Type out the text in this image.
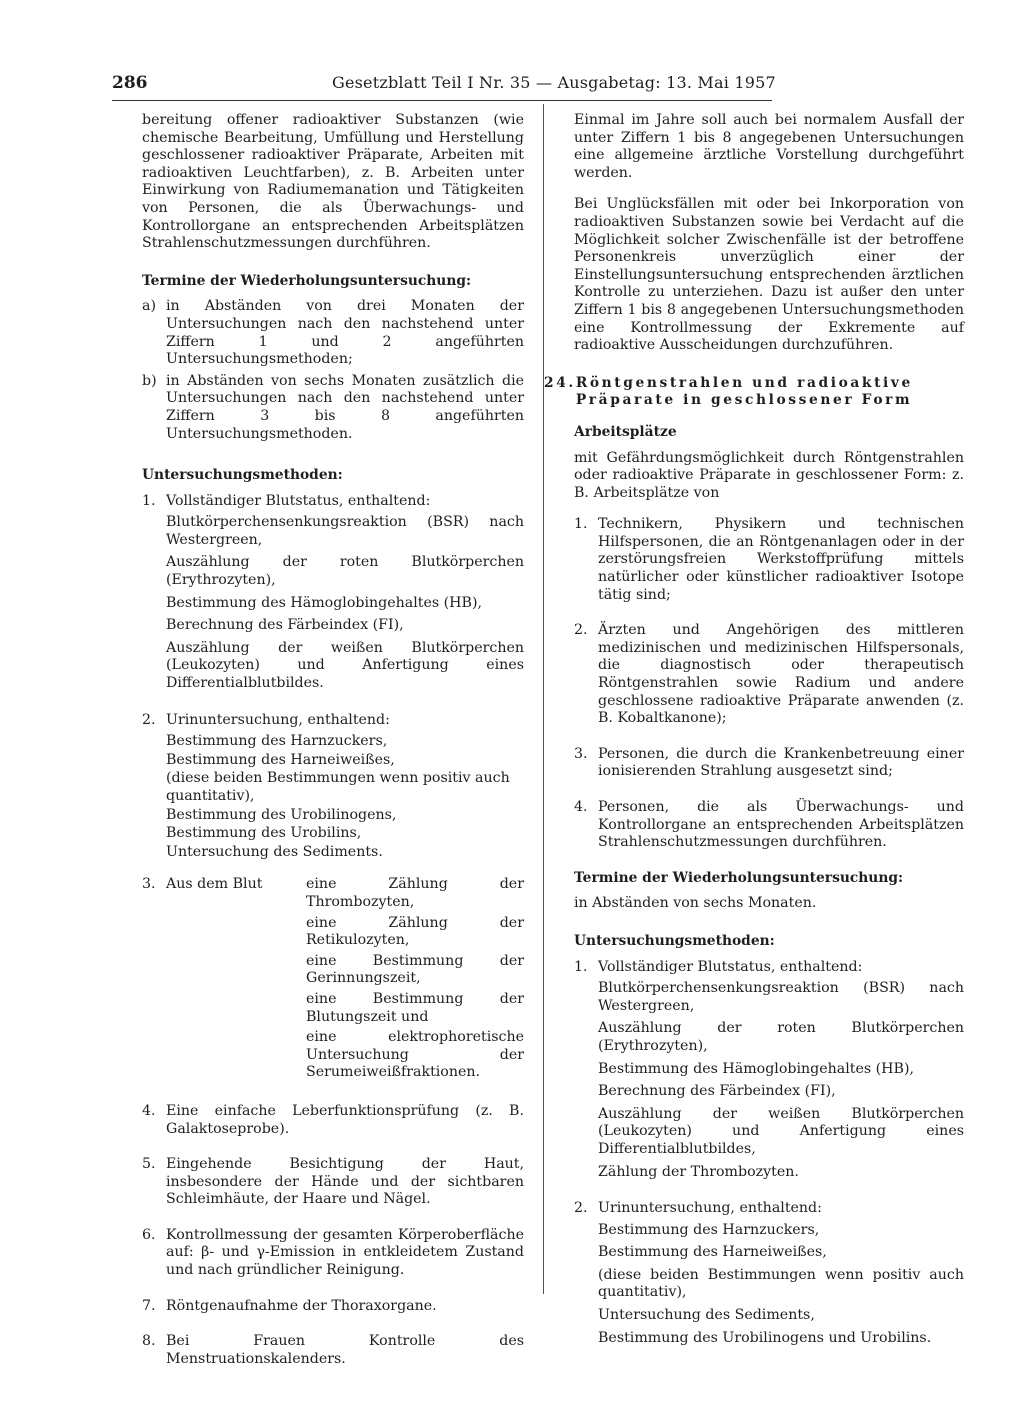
286	Gesetzblatt Teil I Nr. 35 — Ausgabetag: 13. Mai 1957

bereitung offener radioaktiver Substanzen (wie chemische Bearbeitung, Umfüllung und Herstellung geschlossener radioaktiver Präparate, Arbeiten mit radioaktiven Leuchtfarben), z. B. Arbeiten unter Einwirkung von Radiumemanation und Tätigkeiten von Personen, die als Überwachungs- und Kontrollorgane an entsprechenden Arbeitsplätzen Strahlenschutzmessungen durchführen.

Termine der Wiederholungsuntersuchung:

a) in Abständen von drei Monaten der Untersuchungen nach den nachstehend unter Ziffern 1 und 2 angeführten Untersuchungsmethoden;
b) in Abständen von sechs Monaten zusätzlich die Untersuchungen nach den nachstehend unter Ziffern 3 bis 8 angeführten Untersuchungsmethoden.

Untersuchungsmethoden:

1. Vollständiger Blutstatus, enthaltend:

Blutkörperchensenkungsreaktion (BSR) nach Westergreen,

Auszählung der roten Blutkörperchen (Erythrozyten),

Bestimmung des Hämoglobingehaltes (HB),

Berechnung des Färbeindex (FI),

Auszählung der weißen Blutkörperchen (Leukozyten) und Anfertigung eines Differentialblutbildes.

2. Urinuntersuchung, enthaltend:

Bestimmung des Harnzuckers,

Bestimmung des Harneiweißes,

(diese beiden Bestimmungen wenn positiv auch quantitativ),

Bestimmung des Urobilinogens,

Bestimmung des Urobilins,

Untersuchung des Sediments.

3. Aus dem Blut	eine Zählung der Thrombozyten,
eine Zählung der Retikulozyten,
eine Bestimmung der Gerinnungszeit,
eine Bestimmung der Blutungszeit und
eine elektrophoretische Untersuchung der Serumeiweißfraktionen.
4. Eine einfache Leberfunktionsprüfung (z. B. Galaktoseprobe).
5. Eingehende Besichtigung der Haut, insbesondere der Hände und der sichtbaren Schleimhäute, der Haare und Nägel.
6. Kontrollmessung der gesamten Körperoberfläche auf: β- und γ-Emission in entkleidetem Zustand und nach gründlicher Reinigung.
7. Röntgenaufnahme der Thoraxorgane.
8. Bei Frauen Kontrolle des Menstruationskalenders.

Einmal im Jahre soll auch bei normalem Ausfall der unter Ziffern 1 bis 8 angegebenen Untersuchungen eine allgemeine ärztliche Vorstellung durchgeführt werden.

Bei Unglücksfällen mit oder bei Inkorporation von radioaktiven Substanzen sowie bei Verdacht auf die Möglichkeit solcher Zwischenfälle ist der betroffene Personenkreis unverzüglich einer der Einstellungsuntersuchung entsprechenden ärztlichen Kontrolle zu unterziehen. Dazu ist außer den unter Ziffern 1 bis 8 angegebenen Untersuchungsmethoden eine Kontrollmessung der Exkremente auf radioaktive Ausscheidungen durchzuführen.

24. Röntgenstrahlen und radioaktive

Präparate in geschlossener Form

Arbeitsplätze

mit Gefährdungsmöglichkeit durch Röntgenstrahlen oder radioaktive Präparate in geschlossener Form: z. B. Arbeitsplätze von

1. Technikern, Physikern und technischen Hilfspersonen, die an Röntgenanlagen oder in der zerstörungsfreien Werkstoffprüfung mittels natürlicher oder künstlicher radioaktiver Isotope tätig sind;
2. Ärzten und Angehörigen des mittleren medizinischen und medizinischen Hilfspersonals, die diagnostisch oder therapeutisch Röntgenstrahlen sowie Radium und andere geschlossene radioaktive Präparate anwenden (z. B. Kobaltkanone);
3. Personen, die durch die Krankenbetreuung einer ionisierenden Strahlung ausgesetzt sind;
4. Personen, die als Überwachungs- und Kontrollorgane an entsprechenden Arbeitsplätzen Strahlenschutzmessungen durchführen.

Termine der Wiederholungsuntersuchung:

in Abständen von sechs Monaten.

Untersuchungsmethoden:

1. Vollständiger Blutstatus, enthaltend:

Blutkörperchensenkungsreaktion (BSR) nach Westergreen,

Auszählung der roten Blutkörperchen (Erythrozyten),

Bestimmung des Hämoglobingehaltes (HB),

Berechnung des Färbeindex (FI),

Auszählung der weißen Blutkörperchen (Leukozyten) und Anfertigung eines Differentialblutbildes,

Zählung der Thrombozyten.

2. Urinuntersuchung, enthaltend:

Bestimmung des Harnzuckers,

Bestimmung des Harneiweißes,

(diese beiden Bestimmungen wenn positiv auch quantitativ),

Untersuchung des Sediments,

Bestimmung des Urobilinogens und Urobilins.
